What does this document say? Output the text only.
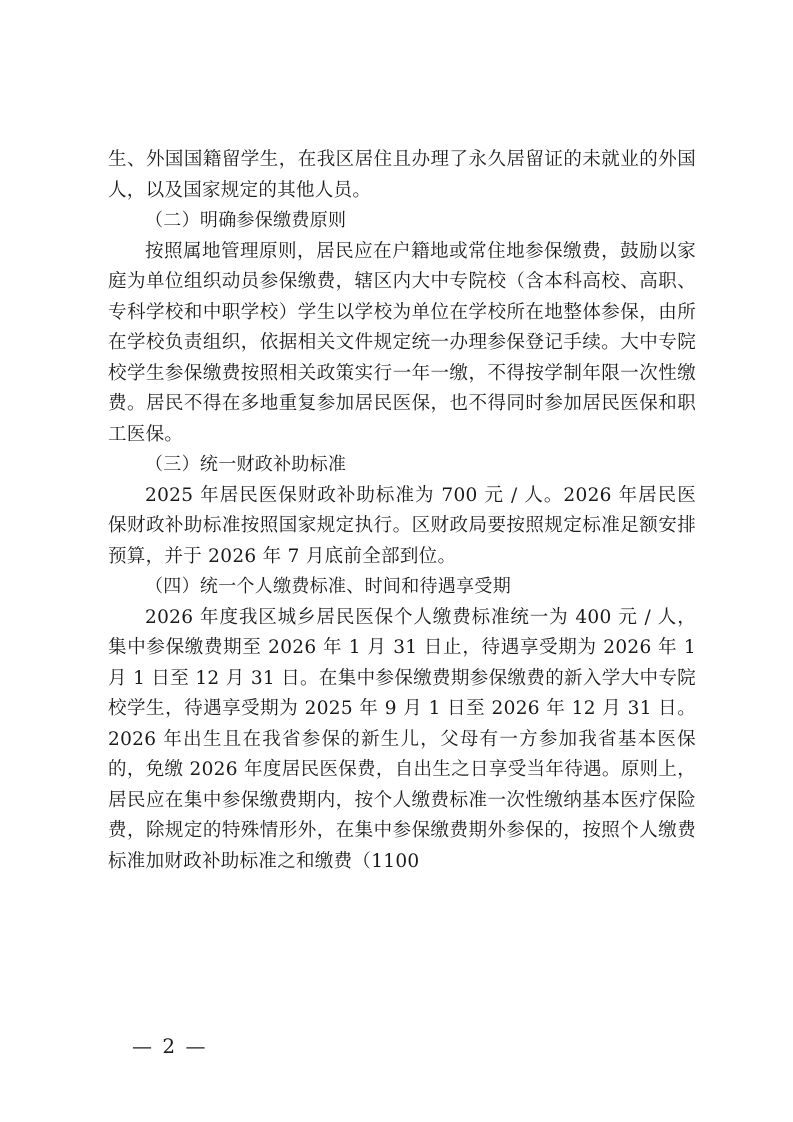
生、外国国籍留学生，在我区居住且办理了永久居留证的未就业的外国人，以及国家规定的其他人员。

（二）明确参保缴费原则

按照属地管理原则，居民应在户籍地或常住地参保缴费，鼓励以家庭为单位组织动员参保缴费，辖区内大中专院校（含本科高校、高职、专科学校和中职学校）学生以学校为单位在学校所在地整体参保，由所在学校负责组织，依据相关文件规定统一办理参保登记手续。大中专院校学生参保缴费按照相关政策实行一年一缴，不得按学制年限一次性缴费。居民不得在多地重复参加居民医保，也不得同时参加居民医保和职工医保。

（三）统一财政补助标准

2025 年居民医保财政补助标准为 700 元 / 人。2026 年居民医保财政补助标准按照国家规定执行。区财政局要按照规定标准足额安排预算，并于 2026 年 7 月底前全部到位。

（四）统一个人缴费标准、时间和待遇享受期

2026 年度我区城乡居民医保个人缴费标准统一为 400 元 / 人，集中参保缴费期至 2026 年 1 月 31 日止，待遇享受期为 2026 年 1 月 1 日至 12 月 31 日。在集中参保缴费期参保缴费的新入学大中专院校学生，待遇享受期为 2025 年 9 月 1 日至 2026 年 12 月 31 日。2026 年出生且在我省参保的新生儿，父母有一方参加我省基本医保的，免缴 2026 年度居民医保费，自出生之日享受当年待遇。原则上，居民应在集中参保缴费期内，按个人缴费标准一次性缴纳基本医疗保险费，除规定的特殊情形外，在集中参保缴费期外参保的，按照个人缴费标准加财政补助标准之和缴费（1100

— 2 —
